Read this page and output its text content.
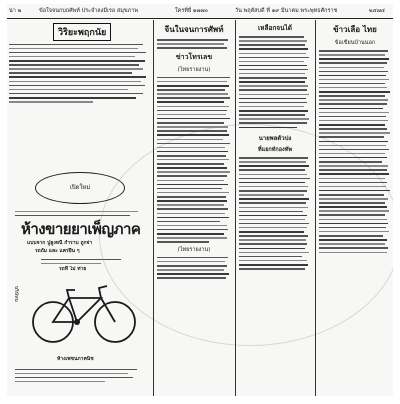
น่า ๒	ข้อใจจนกบถศัพท์ ประจำลงมีเรอ สมุขภาพ	ใครทิ่ยี่ ๑๗๗๐	วัน พฤหัสบดี ที่ ๑๙ มีนาคม พระพุทธศักราช	๒๔๗๔
วิริยะพฤกนัย
เปิดใหม่
ห้างขายยาเพ็ญภาค
แบบจาก ปูลูงหนี้ กำราบ ถูกจ่า
รถถั่ม และ แคร่ยืน ๆ
รถที่ ไม่ ท่าย
บริษัทบ
ห้างเพชนภาคนิช
จีนในจนการศัพท์
ข่าวโทรเลข
(ไทยรายงาน)
(ไทยรายงาน)
เหลือกจนได้
นายพลตัวปง
ที่แยกท์กองทัพ
ข้าวเลือ ไทย
ข้อเขียนบ้านนอก
